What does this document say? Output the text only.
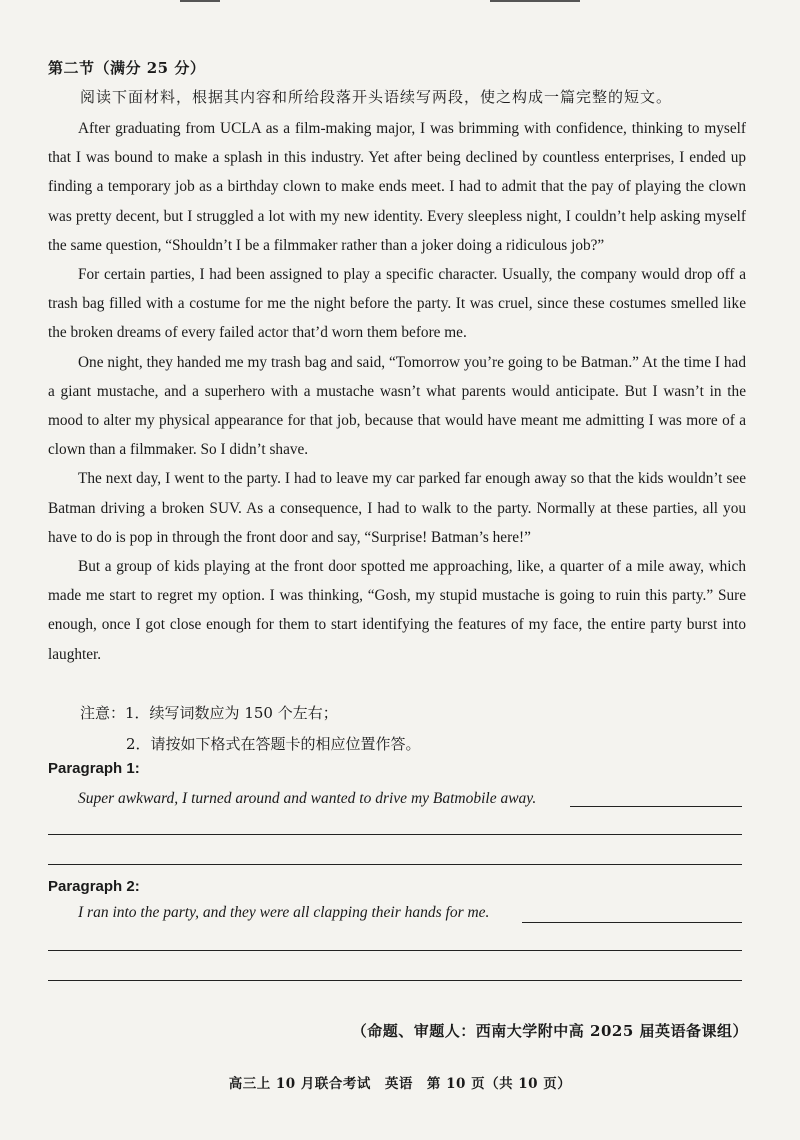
第二节（满分 25 分）
阅读下面材料，根据其内容和所给段落开头语续写两段，使之构成一篇完整的短文。

After graduating from UCLA as a film-making major, I was brimming with confidence, thinking to myself that I was bound to make a splash in this industry. Yet after being declined by countless enterprises, I ended up finding a temporary job as a birthday clown to make ends meet. I had to admit that the pay of playing the clown was pretty decent, but I struggled a lot with my new identity. Every sleepless night, I couldn’t help asking myself the same question, “Shouldn’t I be a filmmaker rather than a joker doing a ridiculous job?”

For certain parties, I had been assigned to play a specific character. Usually, the company would drop off a trash bag filled with a costume for me the night before the party. It was cruel, since these costumes smelled like the broken dreams of every failed actor that’d worn them before me.

One night, they handed me my trash bag and said, “Tomorrow you’re going to be Batman.” At the time I had a giant mustache, and a superhero with a mustache wasn’t what parents would anticipate. But I wasn’t in the mood to alter my physical appearance for that job, because that would have meant me admitting I was more of a clown than a filmmaker. So I didn’t shave.

The next day, I went to the party. I had to leave my car parked far enough away so that the kids wouldn’t see Batman driving a broken SUV. As a consequence, I had to walk to the party. Normally at these parties, all you have to do is pop in through the front door and say, “Surprise! Batman’s here!”

But a group of kids playing at the front door spotted me approaching, like, a quarter of a mile away, which made me start to regret my option. I was thinking, “Gosh, my stupid mustache is going to ruin this party.” Sure enough, once I got close enough for them to start identifying the features of my face, the entire party burst into laughter.

注意：1．续写词数应为 150 个左右；
2．请按如下格式在答题卡的相应位置作答。
Paragraph 1:
Super awkward, I turned around and wanted to drive my Batmobile away.
Paragraph 2:
I ran into the party, and they were all clapping their hands for me.
（命题、审题人：西南大学附中高 2025 届英语备课组）
高三上 10 月联合考试　英语　第 10 页（共 10 页）
